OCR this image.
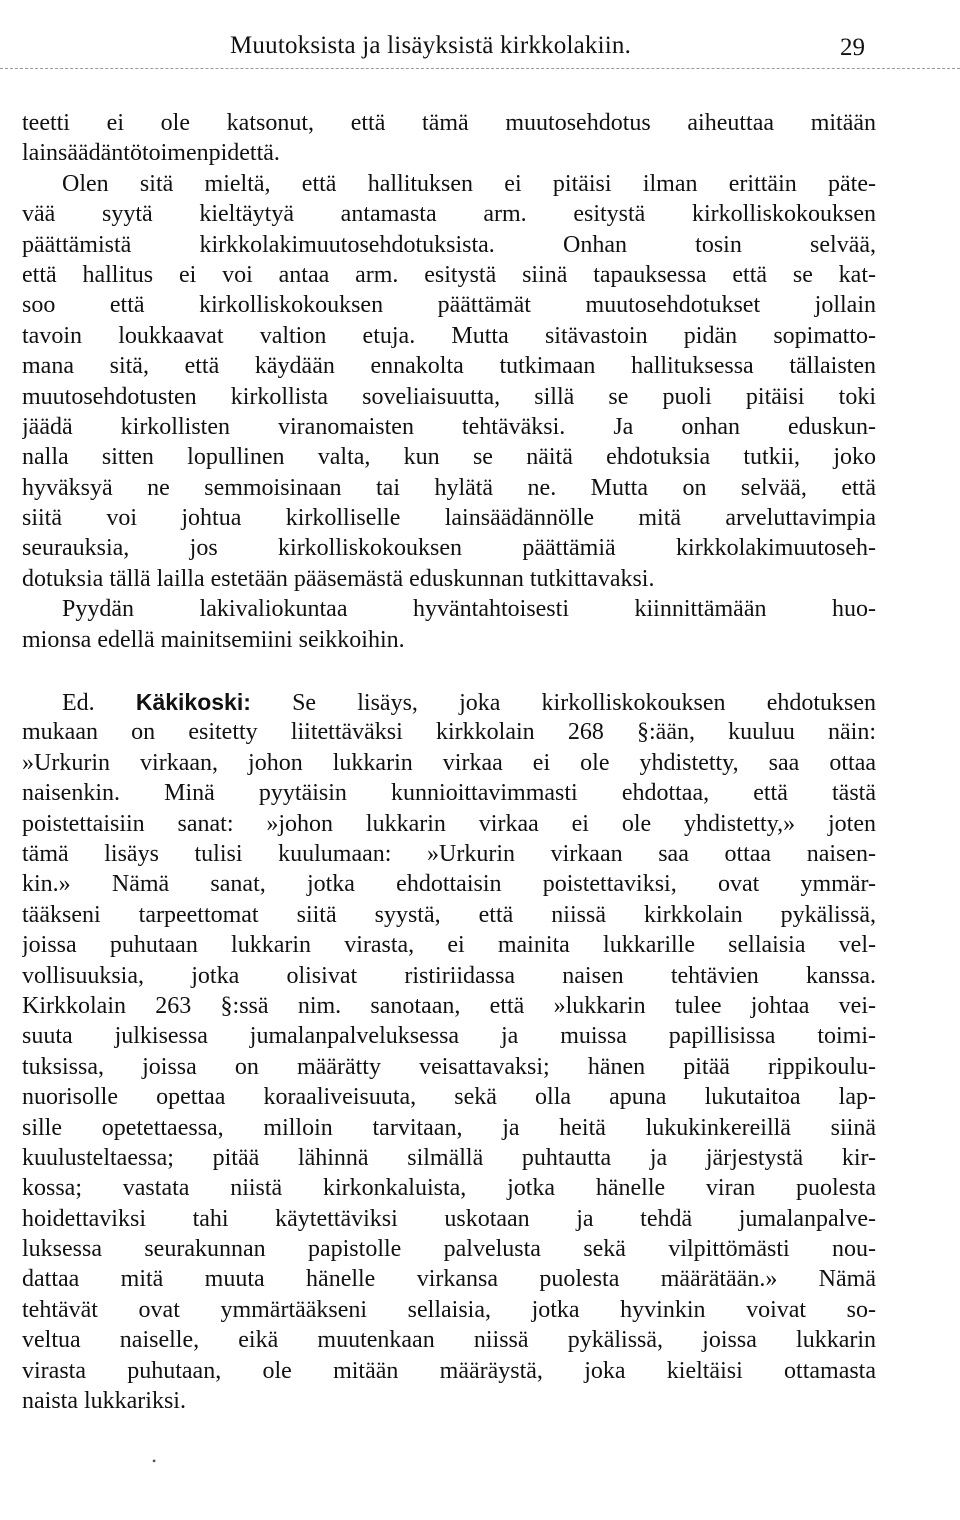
Muutoksista ja lisäyksistä kirkkolakiin.	29
teetti ei ole katsonut, että tämä muutosehdotus aiheuttaa mitään
lainsäädäntötoimenpidettä.
Olen sitä mieltä, että hallituksen ei pitäisi ilman erittäin päte-
vää syytä kieltäytyä antamasta arm. esitystä kirkolliskokouksen
päättämistä kirkkolakimuutosehdotuksista. Onhan tosin selvää,
että hallitus ei voi antaa arm. esitystä siinä tapauksessa että se kat-
soo että kirkolliskokouksen päättämät muutosehdotukset jollain
tavoin loukkaavat valtion etuja. Mutta sitävastoin pidän sopimatto-
mana sitä, että käydään ennakolta tutkimaan hallituksessa tällaisten
muutosehdotusten kirkollista soveliaisuutta, sillä se puoli pitäisi toki
jäädä kirkollisten viranomaisten tehtäväksi. Ja onhan eduskun-
nalla sitten lopullinen valta, kun se näitä ehdotuksia tutkii, joko
hyväksyä ne semmoisinaan tai hylätä ne. Mutta on selvää, että
siitä voi johtua kirkolliselle lainsäädännölle mitä arveluttavimpia
seurauksia, jos kirkolliskokouksen päättämiä kirkkolakimuutoseh-
dotuksia tällä lailla estetään pääsemästä eduskunnan tutkittavaksi.
Pyydän lakivaliokuntaa hyväntahtoisesti kiinnittämään huo-
mionsa edellä mainitsemiini seikkoihin.
Ed. Käkikoski: Se lisäys, joka kirkolliskokouksen ehdotuksen
mukaan on esitetty liitettäväksi kirkkolain 268 §:ään, kuuluu näin:
»Urkurin virkaan, johon lukkarin virkaa ei ole yhdistetty, saa ottaa
naisenkin. Minä pyytäisin kunnioittavimmasti ehdottaa, että tästä
poistettaisiin sanat: »johon lukkarin virkaa ei ole yhdistetty,» joten
tämä lisäys tulisi kuulumaan: »Urkurin virkaan saa ottaa naisen-
kin.» Nämä sanat, jotka ehdottaisin poistettaviksi, ovat ymmär-
tääkseni tarpeettomat siitä syystä, että niissä kirkkolain pykälissä,
joissa puhutaan lukkarin virasta, ei mainita lukkarille sellaisia vel-
vollisuuksia, jotka olisivat ristiriidassa naisen tehtävien kanssa.
Kirkkolain 263 §:ssä nim. sanotaan, että »lukkarin tulee johtaa vei-
suuta julkisessa jumalanpalveluksessa ja muissa papillisissa toimi-
tuksissa, joissa on määrätty veisattavaksi; hänen pitää rippikoulu-
nuorisolle opettaa koraaliveisuuta, sekä olla apuna lukutaitoa lap-
sille opetettaessa, milloin tarvitaan, ja heitä lukukinkereillä siinä
kuulusteltaessa; pitää lähinnä silmällä puhtautta ja järjestystä kir-
kossa; vastata niistä kirkonkaluista, jotka hänelle viran puolesta
hoidettaviksi tahi käytettäviksi uskotaan ja tehdä jumalanpalve-
luksessa seurakunnan papistolle palvelusta sekä vilpittömästi nou-
dattaa mitä muuta hänelle virkansa puolesta määrätään.» Nämä
tehtävät ovat ymmärtääkseni sellaisia, jotka hyvinkin voivat so-
veltua naiselle, eikä muutenkaan niissä pykälissä, joissa lukkarin
virasta puhutaan, ole mitään määräystä, joka kieltäisi ottamasta
naista lukkariksi.
•
